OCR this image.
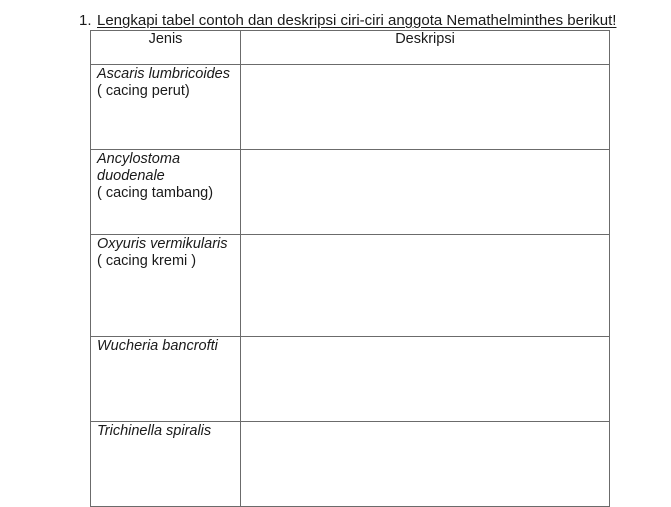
1. Lengkapi tabel contoh dan deskripsi ciri-ciri anggota Nemathelminthes berikut!
Jenis	Deskripsi

Ascaris lumbricoides
( cacing perut)	

Ancylostoma duodenale
( cacing tambang)	

Oxyuris vermikularis
( cacing kremi )	

Wucheria bancrofti	

Trichinella spiralis	
